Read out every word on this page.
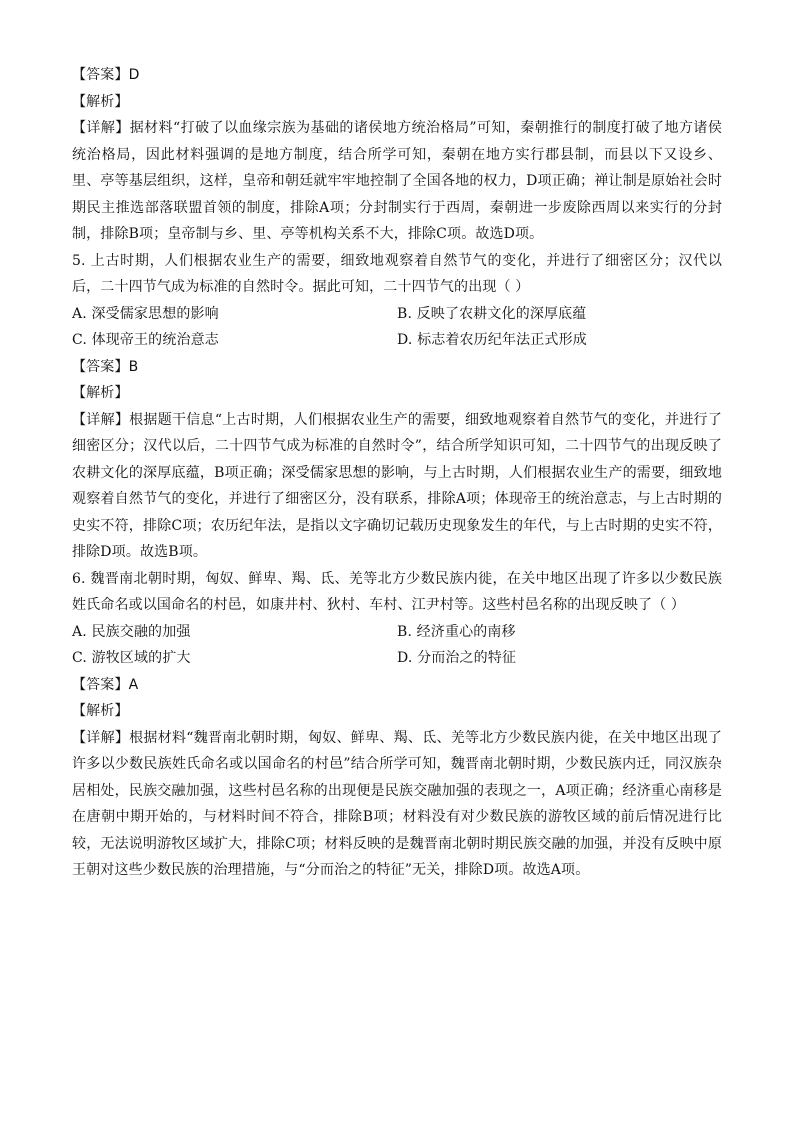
【答案】D

【解析】

【详解】据材料“打破了以血缘宗族为基础的诸侯地方统治格局”可知，秦朝推行的制度打破了地方诸侯统治格局，因此材料强调的是地方制度，结合所学可知，秦朝在地方实行郡县制，而县以下又设乡、里、亭等基层组织，这样，皇帝和朝廷就牢牢地控制了全国各地的权力，D项正确；禅让制是原始社会时期民主推选部落联盟首领的制度，排除A项；分封制实行于西周，秦朝进一步废除西周以来实行的分封制，排除B项；皇帝制与乡、里、亭等机构关系不大，排除C项。故选D项。

5. 上古时期，人们根据农业生产的需要，细致地观察着自然节气的变化，并进行了细密区分；汉代以后，二十四节气成为标准的自然时令。据此可知，二十四节气的出现（ ）

A. 深受儒家思想的影响	B. 反映了农耕文化的深厚底蕴
C. 体现帝王的统治意志	D. 标志着农历纪年法正式形成

【答案】B

【解析】

【详解】根据题干信息“上古时期，人们根据农业生产的需要，细致地观察着自然节气的变化，并进行了细密区分；汉代以后，二十四节气成为标准的自然时令”，结合所学知识可知，二十四节气的出现反映了农耕文化的深厚底蕴，B项正确；深受儒家思想的影响，与上古时期，人们根据农业生产的需要，细致地观察着自然节气的变化，并进行了细密区分，没有联系，排除A项；体现帝王的统治意志，与上古时期的史实不符，排除C项；农历纪年法，是指以文字确切记载历史现象发生的年代，与上古时期的史实不符，排除D项。故选B项。

6. 魏晋南北朝时期，匈奴、鲜卑、羯、氐、羌等北方少数民族内徙，在关中地区出现了许多以少数民族姓氏命名或以国命名的村邑，如康井村、狄村、车村、江尹村等。这些村邑名称的出现反映了（ ）

A. 民族交融的加强	B. 经济重心的南移
C. 游牧区域的扩大	D. 分而治之的特征

【答案】A

【解析】

【详解】根据材料“魏晋南北朝时期，匈奴、鲜卑、羯、氐、羌等北方少数民族内徙，在关中地区出现了许多以少数民族姓氏命名或以国命名的村邑”结合所学可知，魏晋南北朝时期，少数民族内迁，同汉族杂居相处，民族交融加强，这些村邑名称的出现便是民族交融加强的表现之一，A项正确；经济重心南移是在唐朝中期开始的，与材料时间不符合，排除B项；材料没有对少数民族的游牧区域的前后情况进行比较，无法说明游牧区域扩大，排除C项；材料反映的是魏晋南北朝时期民族交融的加强，并没有反映中原王朝对这些少数民族的治理措施，与“分而治之的特征”无关，排除D项。故选A项。
